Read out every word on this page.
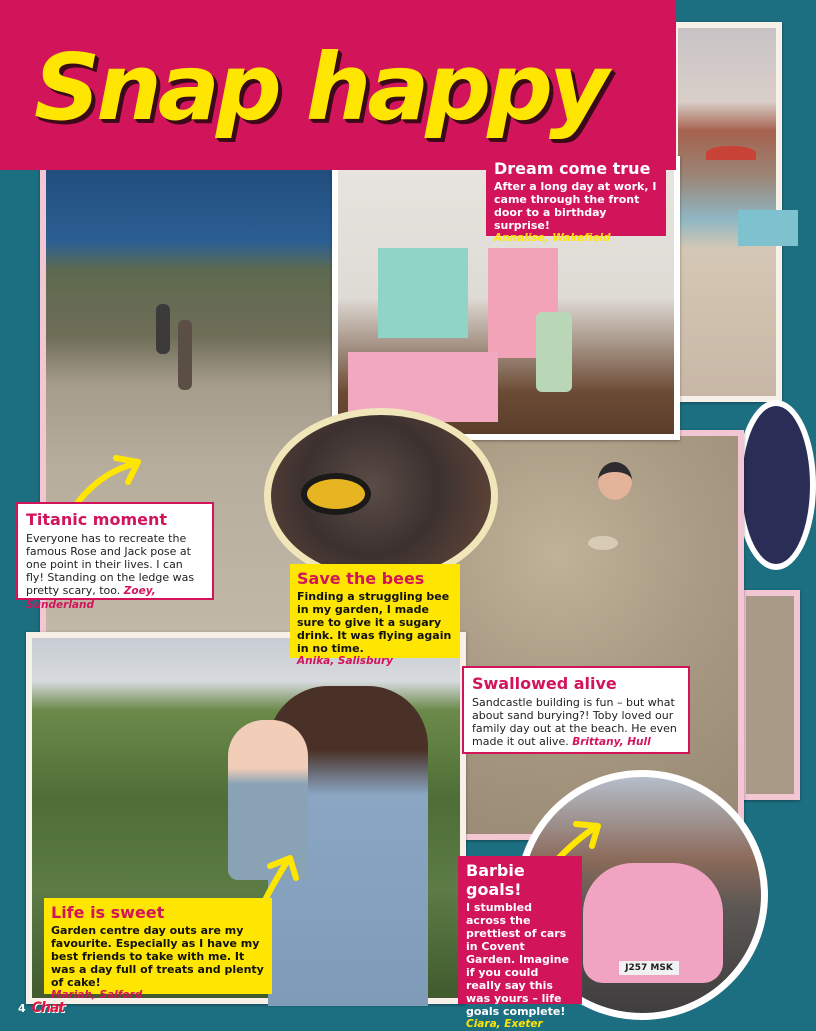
J257 MSK
Snap happy
Dream come true
After a long day at work, I came through the front door to a birthday surprise!
Annalise, Wakefield
Titanic moment
Everyone has to recreate the famous Rose and Jack pose at one point in their lives. I can fly! Standing on the ledge was pretty scary, too. Zoey, Sunderland
Save the bees
Finding a struggling bee in my garden, I made sure to give it a sugary drink. It was flying again in no time.
Anika, Salisbury
Swallowed alive
Sandcastle building is fun – but what about sand burying?! Toby loved our family day out at the beach. He even made it out alive. Brittany, Hull
Life is sweet
Garden centre day outs are my favourite. Especially as I have my best friends to take with me. It was a day full of treats and plenty of cake!
Mariah, Salford
Barbie goals!
I stumbled across the prettiest of cars in Covent Garden. Imagine if you could really say this was yours – life goals complete!
Ciara, Exeter
4 Chat
